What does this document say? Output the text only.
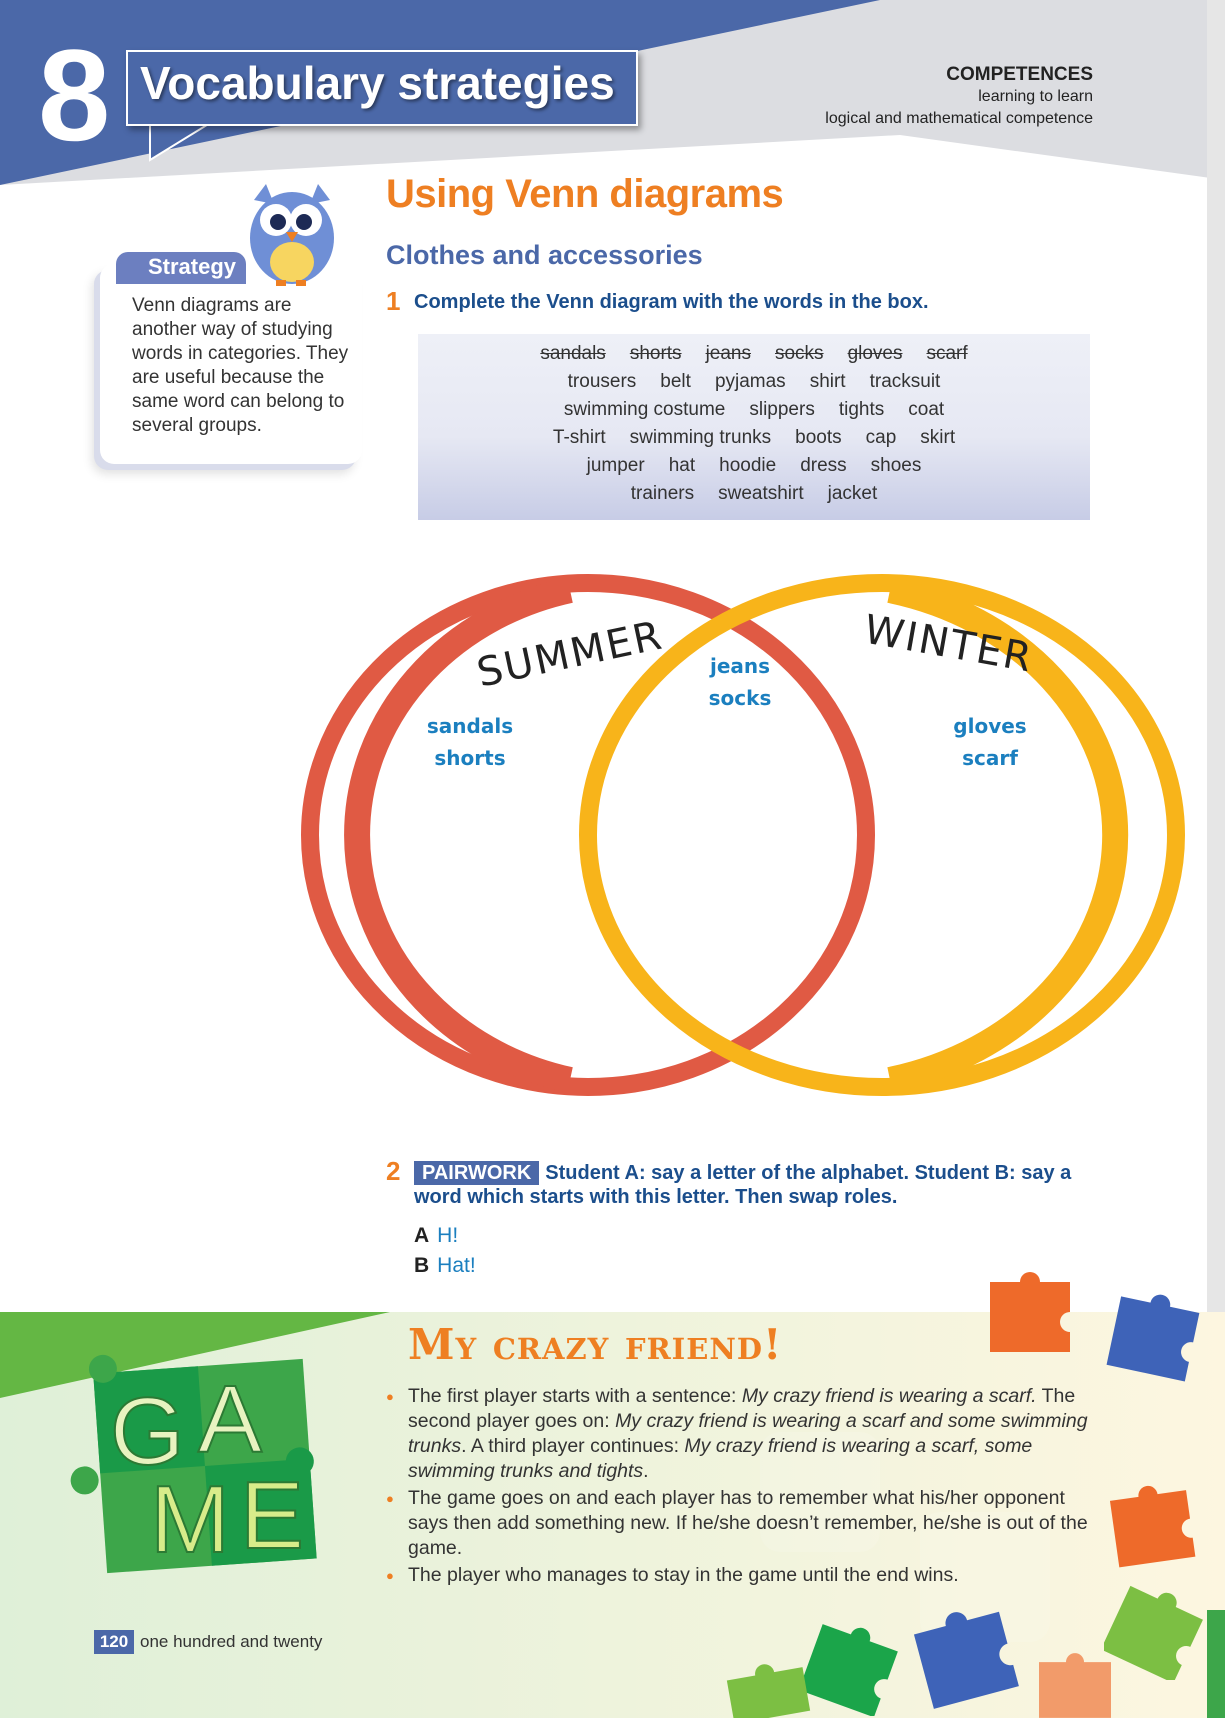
8 Vocabulary strategies	COMPETENCES
learning to learn
logical and mathematical competence
Strategy
Venn diagrams are another way of studying words in categories. They are useful because the same word can belong to several groups.
Using Venn diagrams
Clothes and accessories
1 Complete the Venn diagram with the words in the box.
sandals shorts jeans socks gloves scarf
trousers belt pyjamas shirt tracksuit
swimming costume slippers tights coat
T-shirt swimming trunks boots cap skirt
jumper hat hoodie dress shoes
trainers sweatshirt jacket
SUMMER	WINTER
sandals
shorts
jeans
socks
gloves
scarf
2	PAIRWORK Student A: say a letter of the alphabet. Student B: say a word which starts with this letter. Then swap roles.
A H!
B Hat!
G A
M E
My crazy friend!
● The first player starts with a sentence: My crazy friend is wearing a scarf. The second player goes on: My crazy friend is wearing a scarf and some swimming trunks. A third player continues: My crazy friend is wearing a scarf, some swimming trunks and tights.
● The game goes on and each player has to remember what his/her opponent says then add something new. If he/she doesn’t remember, he/she is out of the game.
● The player who manages to stay in the game until the end wins.
120 one hundred and twenty
